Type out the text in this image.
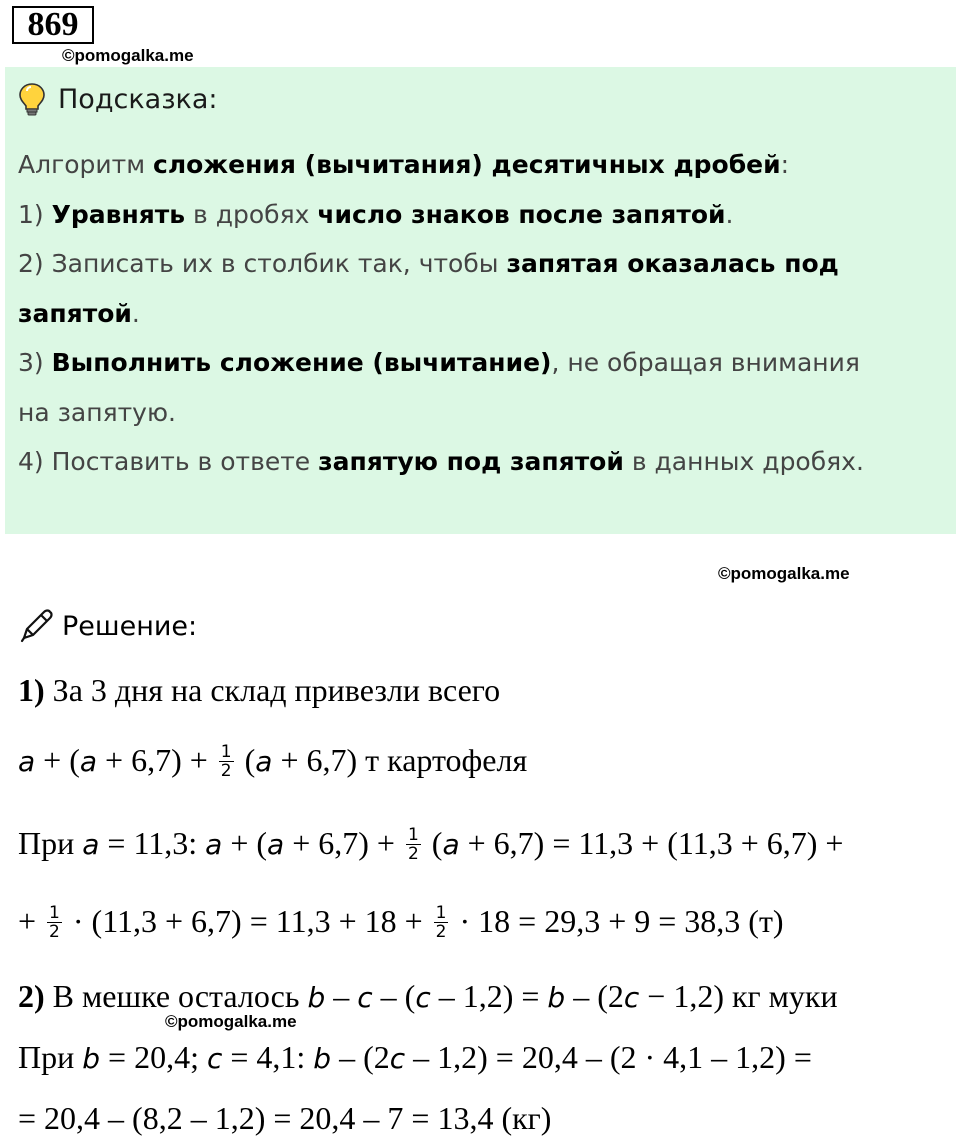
869
©pomogalka.me
Подсказка:
Алгоритм сложения (вычитания) десятичных дробей:
1) Уравнять в дробях число знаков после запятой.
2) Записать их в столбик так, чтобы запятая оказалась под
запятой.
3) Выполнить сложение (вычитание), не обращая внимания
на запятую.
4) Поставить в ответе запятую под запятой в данных дробях.
©pomogalka.me
Решение:
1) За 3 дня на склад привезли всего
$a + (a + 6,7) + \frac{1}{2} (a + 6,7)$ т картофеля
При a = 11,3: $a + (a + 6,7) + \frac{1}{2} (a + 6,7) = 11,3 + (11,3 + 6,7)$ +
+ $\frac{1}{2} \cdot (11,3 + 6,7) = 11,3 + 18 + \frac{1}{2} \cdot 18 = 29,3 + 9 = 38,3$ (т)
2) В мешке осталось b – c – (c – 1,2) = b – (2c − 1,2) кг муки
©pomogalka.me
При b = 20,4; c = 4,1: b – (2c – 1,2) = 20,4 – (2 · 4,1 – 1,2) =
= 20,4 – (8,2 – 1,2) = 20,4 – 7 = 13,4 (кг)
